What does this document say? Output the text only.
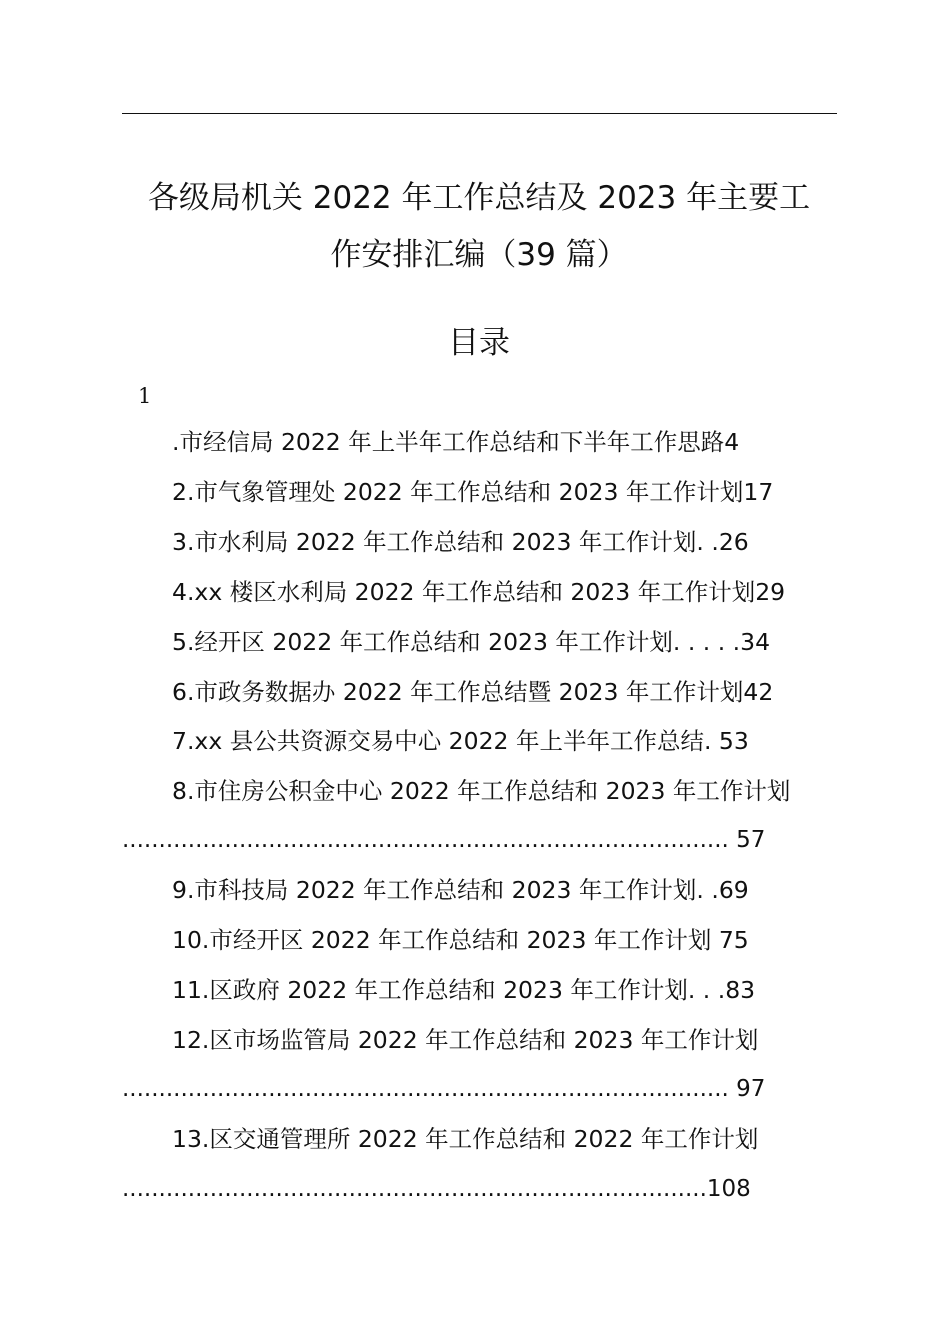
各级局机关 2022 年工作总结及 2023 年主要工
作安排汇编（39 篇）
目录
1
.市经信局 2022 年上半年工作总结和下半年工作思路4
2.市气象管理处 2022 年工作总结和 2023 年工作计划17
3.市水利局 2022 年工作总结和 2023 年工作计划. .26
4.xx 楼区水利局 2022 年工作总结和 2023 年工作计划29
5.经开区 2022 年工作总结和 2023 年工作计划. . . . .34
6.市政务数据办 2022 年工作总结暨 2023 年工作计划42
7.xx 县公共资源交易中心 2022 年上半年工作总结. 53
8.市住房公积金中心 2022 年工作总结和 2023 年工作计划
................................................................................... 57
9.市科技局 2022 年工作总结和 2023 年工作计划. .69
10.市经开区 2022 年工作总结和 2023 年工作计划 75
11.区政府 2022 年工作总结和 2023 年工作计划. . .83
12.区市场监管局 2022 年工作总结和 2023 年工作计划
................................................................................... 97
13.区交通管理所 2022 年工作总结和 2022 年工作计划
................................................................................108
